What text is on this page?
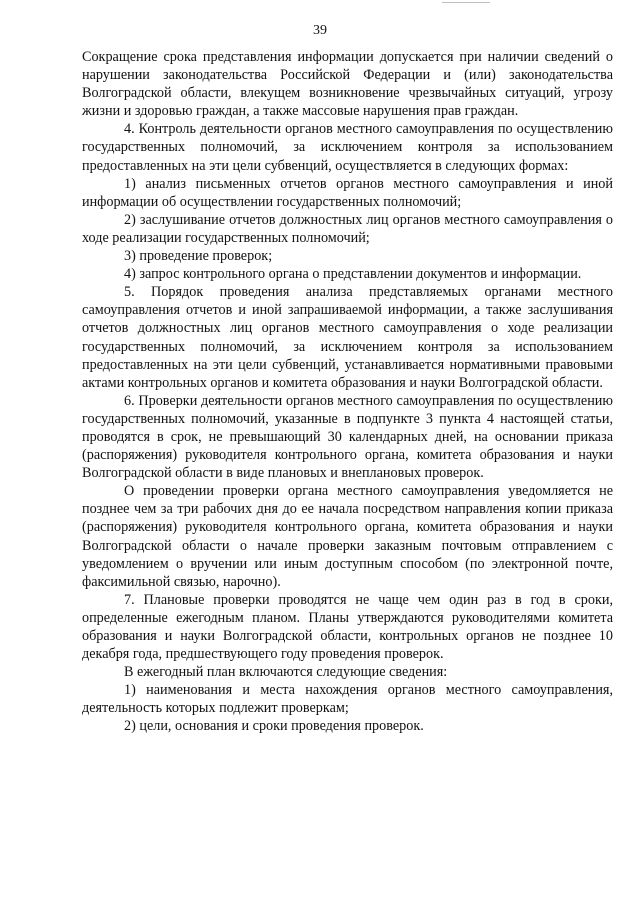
39

Сокращение срока представления информации допускается при наличии сведений о нарушении законодательства Российской Федерации и (или) законодательства Волгоградской области, влекущем возникновение чрезвычайных ситуаций, угрозу жизни и здоровью граждан, а также массовые нарушения прав граждан.

4. Контроль деятельности органов местного самоуправления по осуществлению государственных полномочий, за исключением контроля за использованием предоставленных на эти цели субвенций, осуществляется в следующих формах:

1) анализ письменных отчетов органов местного самоуправления и иной информации об осуществлении государственных полномочий;

2) заслушивание отчетов должностных лиц органов местного самоуправления о ходе реализации государственных полномочий;

3) проведение проверок;

4) запрос контрольного органа о представлении документов и информации.

5. Порядок проведения анализа представляемых органами местного самоуправления отчетов и иной запрашиваемой информации, а также заслушивания отчетов должностных лиц органов местного самоуправления о ходе реализации государственных полномочий, за исключением контроля за использованием предоставленных на эти цели субвенций, устанавливается нормативными правовыми актами контрольных органов и комитета образования и науки Волгоградской области.

6. Проверки деятельности органов местного самоуправления по осуществлению государственных полномочий, указанные в подпункте 3 пункта 4 настоящей статьи, проводятся в срок, не превышающий 30 календарных дней, на основании приказа (распоряжения) руководителя контрольного органа, комитета образования и науки Волгоградской области в виде плановых и внеплановых проверок.

О проведении проверки органа местного самоуправления уведомляется не позднее чем за три рабочих дня до ее начала посредством направления копии приказа (распоряжения) руководителя контрольного органа, комитета образования и науки Волгоградской области о начале проверки заказным почтовым отправлением с уведомлением о вручении или иным доступным способом (по электронной почте, факсимильной связью, нарочно).

7. Плановые проверки проводятся не чаще чем один раз в год в сроки, определенные ежегодным планом. Планы утверждаются руководителями комитета образования и науки Волгоградской области, контрольных органов не позднее 10 декабря года, предшествующего году проведения проверок.

В ежегодный план включаются следующие сведения:

1) наименования и места нахождения органов местного самоуправления, деятельность которых подлежит проверкам;

2) цели, основания и сроки проведения проверок.
